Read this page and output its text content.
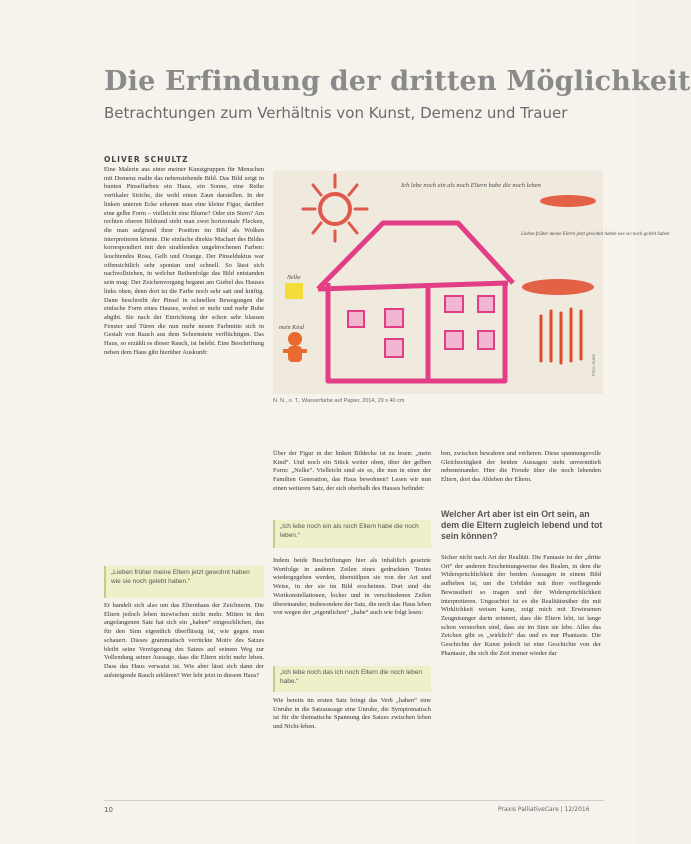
Die Erfindung der dritten Möglichkeit
Betrachtungen zum Verhältnis von Kunst, Demenz und Trauer
OLIVER SCHULTZ
Eine Malerin aus einer meiner Kunstgruppen für Menschen mit Demenz malte das nebenstehende Bild. Das Bild zeigt in bunten Pinselfarben ein Haus, ein Sonne, eine Reihe vertikaler Striche, die wohl einen Zaun darstellen. In der linken unteren Ecke erkennt man eine kleine Figur, darüber eine gelbe Form – vielleicht eine Blume? Oder ein Stern? Am rechten oberen Bildrand sieht man zwei horizontale Flecken, die man aufgrund ihrer Position im Bild als Wolken interpretieren könnte. Die einfache direkte Machart des Bildes korrespondiert mit den strahlenden ungebrochenen Farben: leuchtendes Rosa, Gelb und Orange. Der Pinselduktus war offensichtlich sehr spontan und schnell. So lässt sich nachvollziehen, in welcher Reihenfolge das Bild entstanden sein mag: Der Zeichenvorgang begann am Giebel des Hauses links oben, denn dort ist die Farbe noch sehr satt und kräftig. Dann beschreibt der Pinsel in schnellen Bewegungen die einfache Form eines Hauses, wobei er mehr und mehr Ruhe abgibt. Sie nach der Einrichtung der schon sehr blassen Fenster und Türen die nun mehr neuen Farbmitte sich in Gestalt von Rauch aus dem Schornstein verflüchtigen. Das Haus, so erzählt es dieser Rauch, ist belebt. Eine Beschriftung neben dem Haus gibt hierüber Auskunft:
„Lieben früher meine Eltern jetzt gewohnt haben wie sie noch gelebt haben.“
Er handelt sich also um das Elternhaus der Zeichnerin. Die Eltern jedoch leben inzwischen nicht mehr. Mitten in den angefangenen Satz hat sich ein „haben“ eingeschlichen, das für den Sinn eigentlich überflüssig ist, wie gegen man schauert. Dieses grammatisch verrückte Motiv des Satzes bleibt seine Verzögerung des Satzes auf seinem Weg zur Vollendung seiner Aussage, dass die Eltern nicht mehr leben. Dass das Haus verwaist ist. Wie aber lässt sich dann der aufsteigende Rauch erklären? Wer lebt jetzt in diesem Haus?
Ich lebe noch ein als noch Eltern habe die noch leben
Lieben früher meine Eltern jetzt gewohnt haben wie sie noch gelebt haben
Nelke
mein Kind
Foto: Autor
N. N., o. T., Wasserfarbe auf Papier, 2014, 29 x 40 cm
Über der Figur in der linken Bildecke ist zu lesen: „mein Kind“. Und noch ein Stück weiter oben, über der gelben Form: „Nelke“. Vielleicht sind sie es, die nun in einer der Familien Generation, das Haus bewohnen? Lesen wir nun einen weiteren Satz, der sich oberhalb des Hauses befindet:
„Ich lebe noch ein als noch Eltern habe die noch leben.“
Indem beide Beschriftungen hier als inhaltlich gesetzte Wortfolge in anderen Zeilen eines gedruckten Textes wiedergegeben werden, überstülpen sie von der Art und Weise, in der sie im Bild erscheinen. Dort sind die Wortkonstellationen, locker und in verschiedenen Zeilen übereinander, insbesondere der Satz, die noch das Haus leben von wegen der „eigentlichen“ „habe“ auch wie folgt lesen:
„Ich lebe noch das ich noch Eltern die noch leben habe.“
Wie bereits im ersten Satz bringt das Verb „haben“ eine Unruhe in die Satzaussage eine Unruhe, die Symptomatisch ist für die thematische Spannung des Satzes zwischen leben und Nicht-leben.
ben, zwischen bewahren und verlieren. Diese spannungsvolle Gleichzeitigkeit der beiden Aussagen steht unvermittelt nebeneinander. Hier die Freude über die noch lebenden Eltern, dort das Ableben der Eltern.
Welcher Art aber ist ein Ort sein, an dem die Eltern zugleich lebend und tot sein können?
Sicher nicht nach Art der Realität. Die Fantasie ist der „dritte Ort“ der anderen Erscheinungsweise des Realen, in dem die Widersprüchlichkeit der beiden Aussagen in einem Bild aufheben ist, um die Urbilder mit ihrer verfliegende Bewusstheit so tragen und der Widersprüchlichkeit interpretieren. Ungeachtet ist es die Realitätsnäher die mit Wirklichkeit weisen kann, zeigt mich mit Erwiesenen Zeugnisunger darin erinnert, dass die Eltern lebt, ist lange schon verstorben sind, dass sie im Sinn sie lebe. Alles das Zeichen gibt es „wirklich“ das und es nur Phantasie. Die Geschichte der Kunst jedoch ist eine Geschichte von der Phantasie, die sich die Zeit immer wieder dar
10	Praxis PalliativeCare | 12/2016
